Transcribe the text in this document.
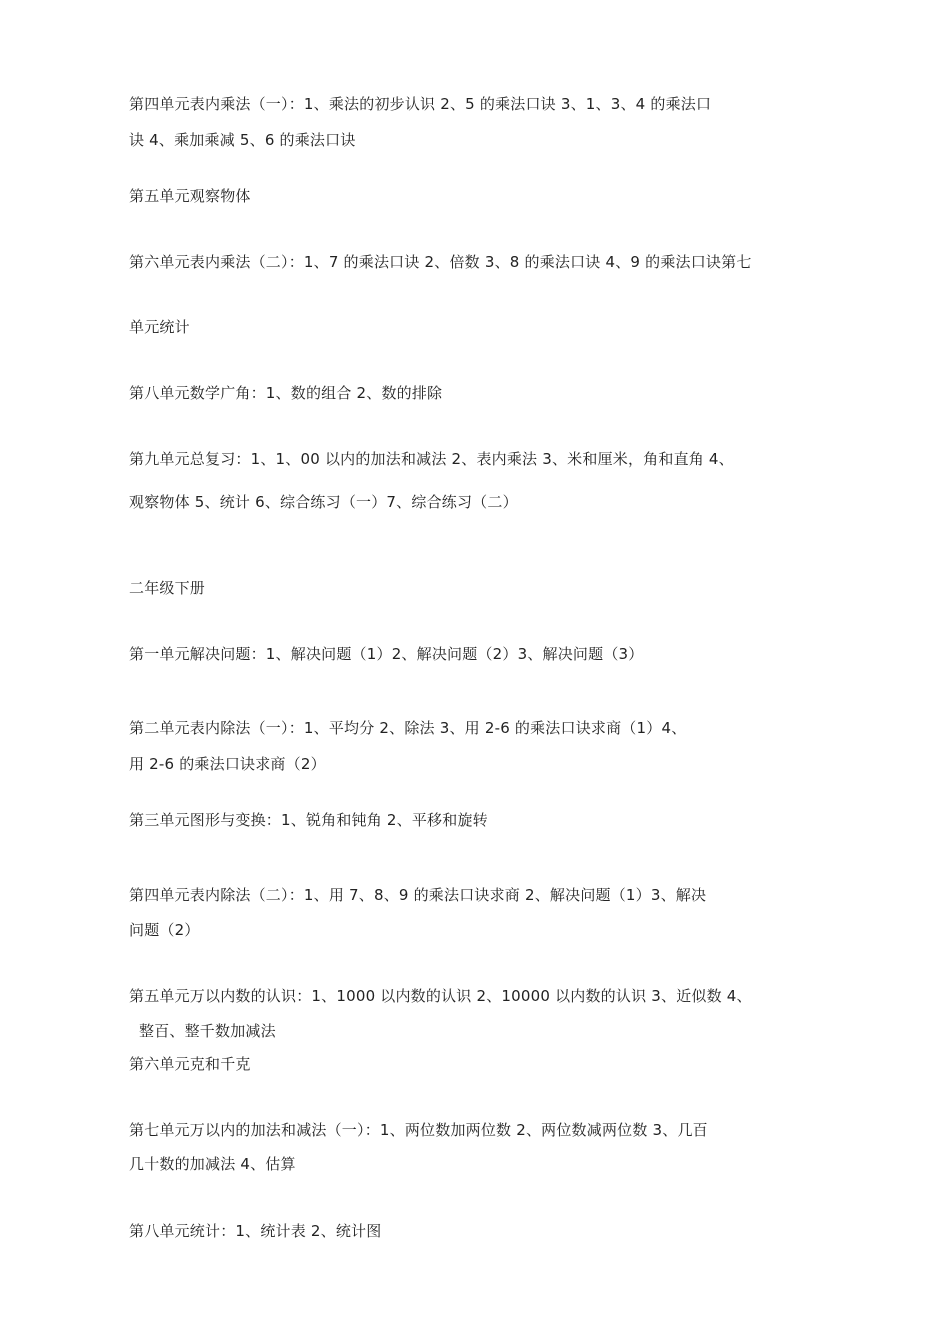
第四单元表内乘法（一）：1、乘法的初步认识 2、5 的乘法口诀 3、1、3、4 的乘法口
诀 4、乘加乘减 5、6 的乘法口诀
第五单元观察物体
第六单元表内乘法（二）：1、7 的乘法口诀 2、倍数 3、8 的乘法口诀 4、9 的乘法口诀第七
单元统计
第八单元数学广角：1、数的组合 2、数的排除
第九单元总复习：1、1、00 以内的加法和减法 2、表内乘法 3、米和厘米，角和直角 4、
观察物体 5、统计 6、综合练习（一）7、综合练习（二）
二年级下册
第一单元解决问题：1、解决问题（1）2、解决问题（2）3、解决问题（3）
第二单元表内除法（一）：1、平均分 2、除法 3、用 2-6 的乘法口诀求商（1）4、
用 2-6 的乘法口诀求商（2）
第三单元图形与变换：1、锐角和钝角 2、平移和旋转
第四单元表内除法（二）：1、用 7、8、9 的乘法口诀求商 2、解决问题（1）3、解决
问题（2）
第五单元万以内数的认识：1、1000 以内数的认识 2、10000 以内数的认识 3、近似数 4、
整百、整千数加减法
第六单元克和千克
第七单元万以内的加法和减法（一）：1、两位数加两位数 2、两位数减两位数 3、几百
几十数的加减法 4、估算
第八单元统计：1、统计表 2、统计图
